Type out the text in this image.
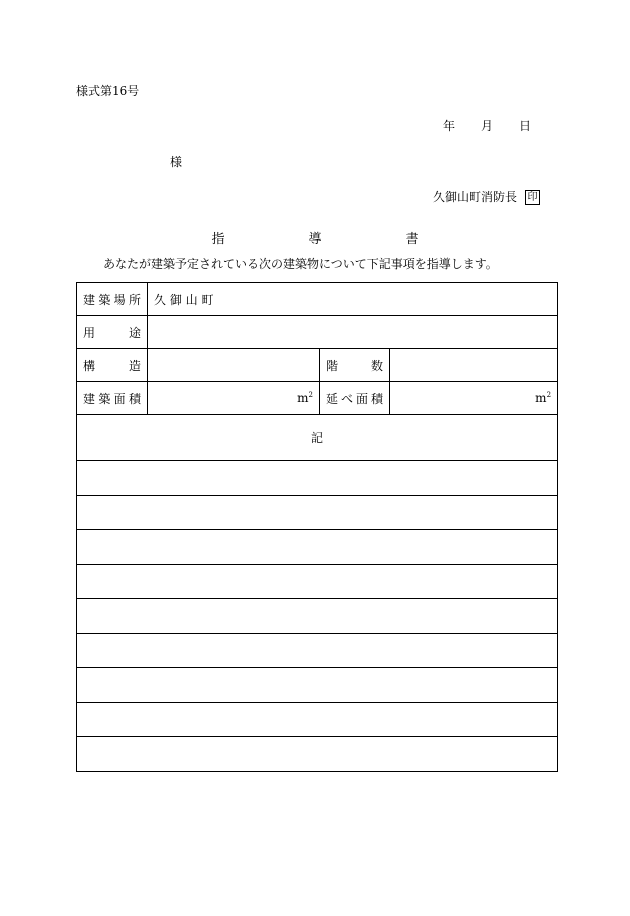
様式第16号
年 月 日
様
久御山町消防長 印
指	導	書
あなたが建築予定されている次の建築物について下記事項を指導します。
建築場所	久 御 山 町		
用途			
構造		階数	
建築面積	$m^2$	延べ面積	$m^2$
記			
